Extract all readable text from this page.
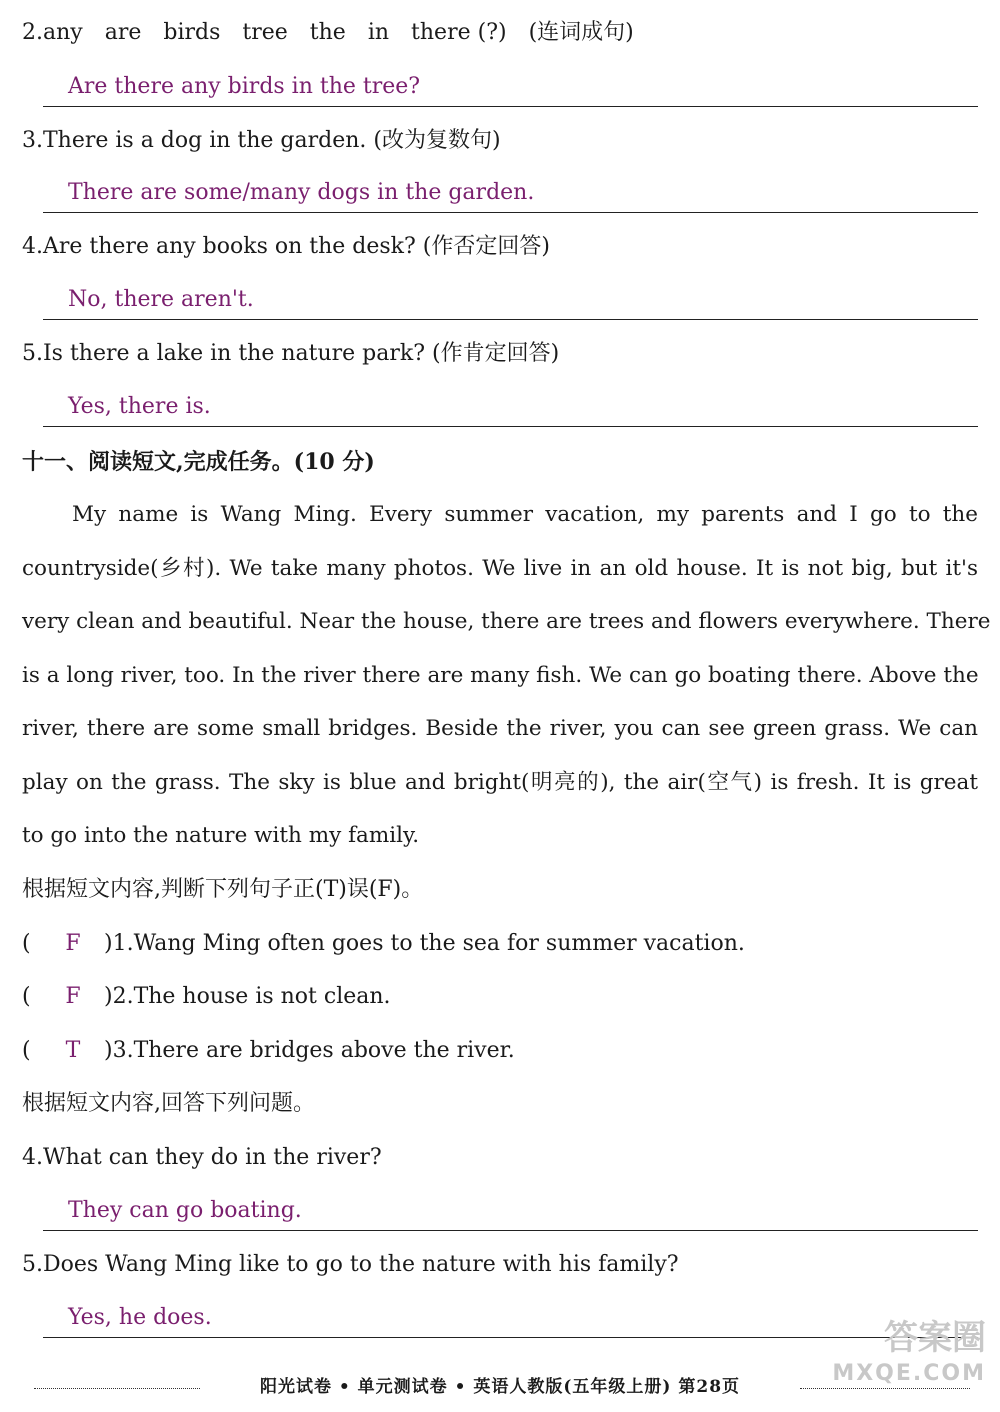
2.any are birds tree the in there (?) (连词成句)
Are there any birds in the tree?
3.There is a dog in the garden. (改为复数句)
There are some/many dogs in the garden.
4.Are there any books on the desk? (作否定回答)
No, there aren't.
5.Is there a lake in the nature park? (作肯定回答)
Yes, there is.
十一、阅读短文,完成任务。(10 分)
My name is Wang Ming. Every summer vacation, my parents and I go to the
countryside(乡村). We take many photos. We live in an old house. It is not big, but it's
very clean and beautiful. Near the house, there are trees and flowers everywhere. There
is a long river, too. In the river there are many fish. We can go boating there. Above the
river, there are some small bridges. Beside the river, you can see green grass. We can
play on the grass. The sky is blue and bright(明亮的), the air(空气) is fresh. It is great
to go into the nature with my family.
根据短文内容,判断下列句子正(T)误(F)。
( F )1.Wang Ming often goes to the sea for summer vacation.
( F )2.The house is not clean.
( T )3.There are bridges above the river.
根据短文内容,回答下列问题。
4.What can they do in the river?
They can go boating.
5.Does Wang Ming like to go to the nature with his family?
Yes, he does.
答案圈
MXQE.COM
阳光试卷 • 单元测试卷 • 英语人教版(五年级上册) 第28页
